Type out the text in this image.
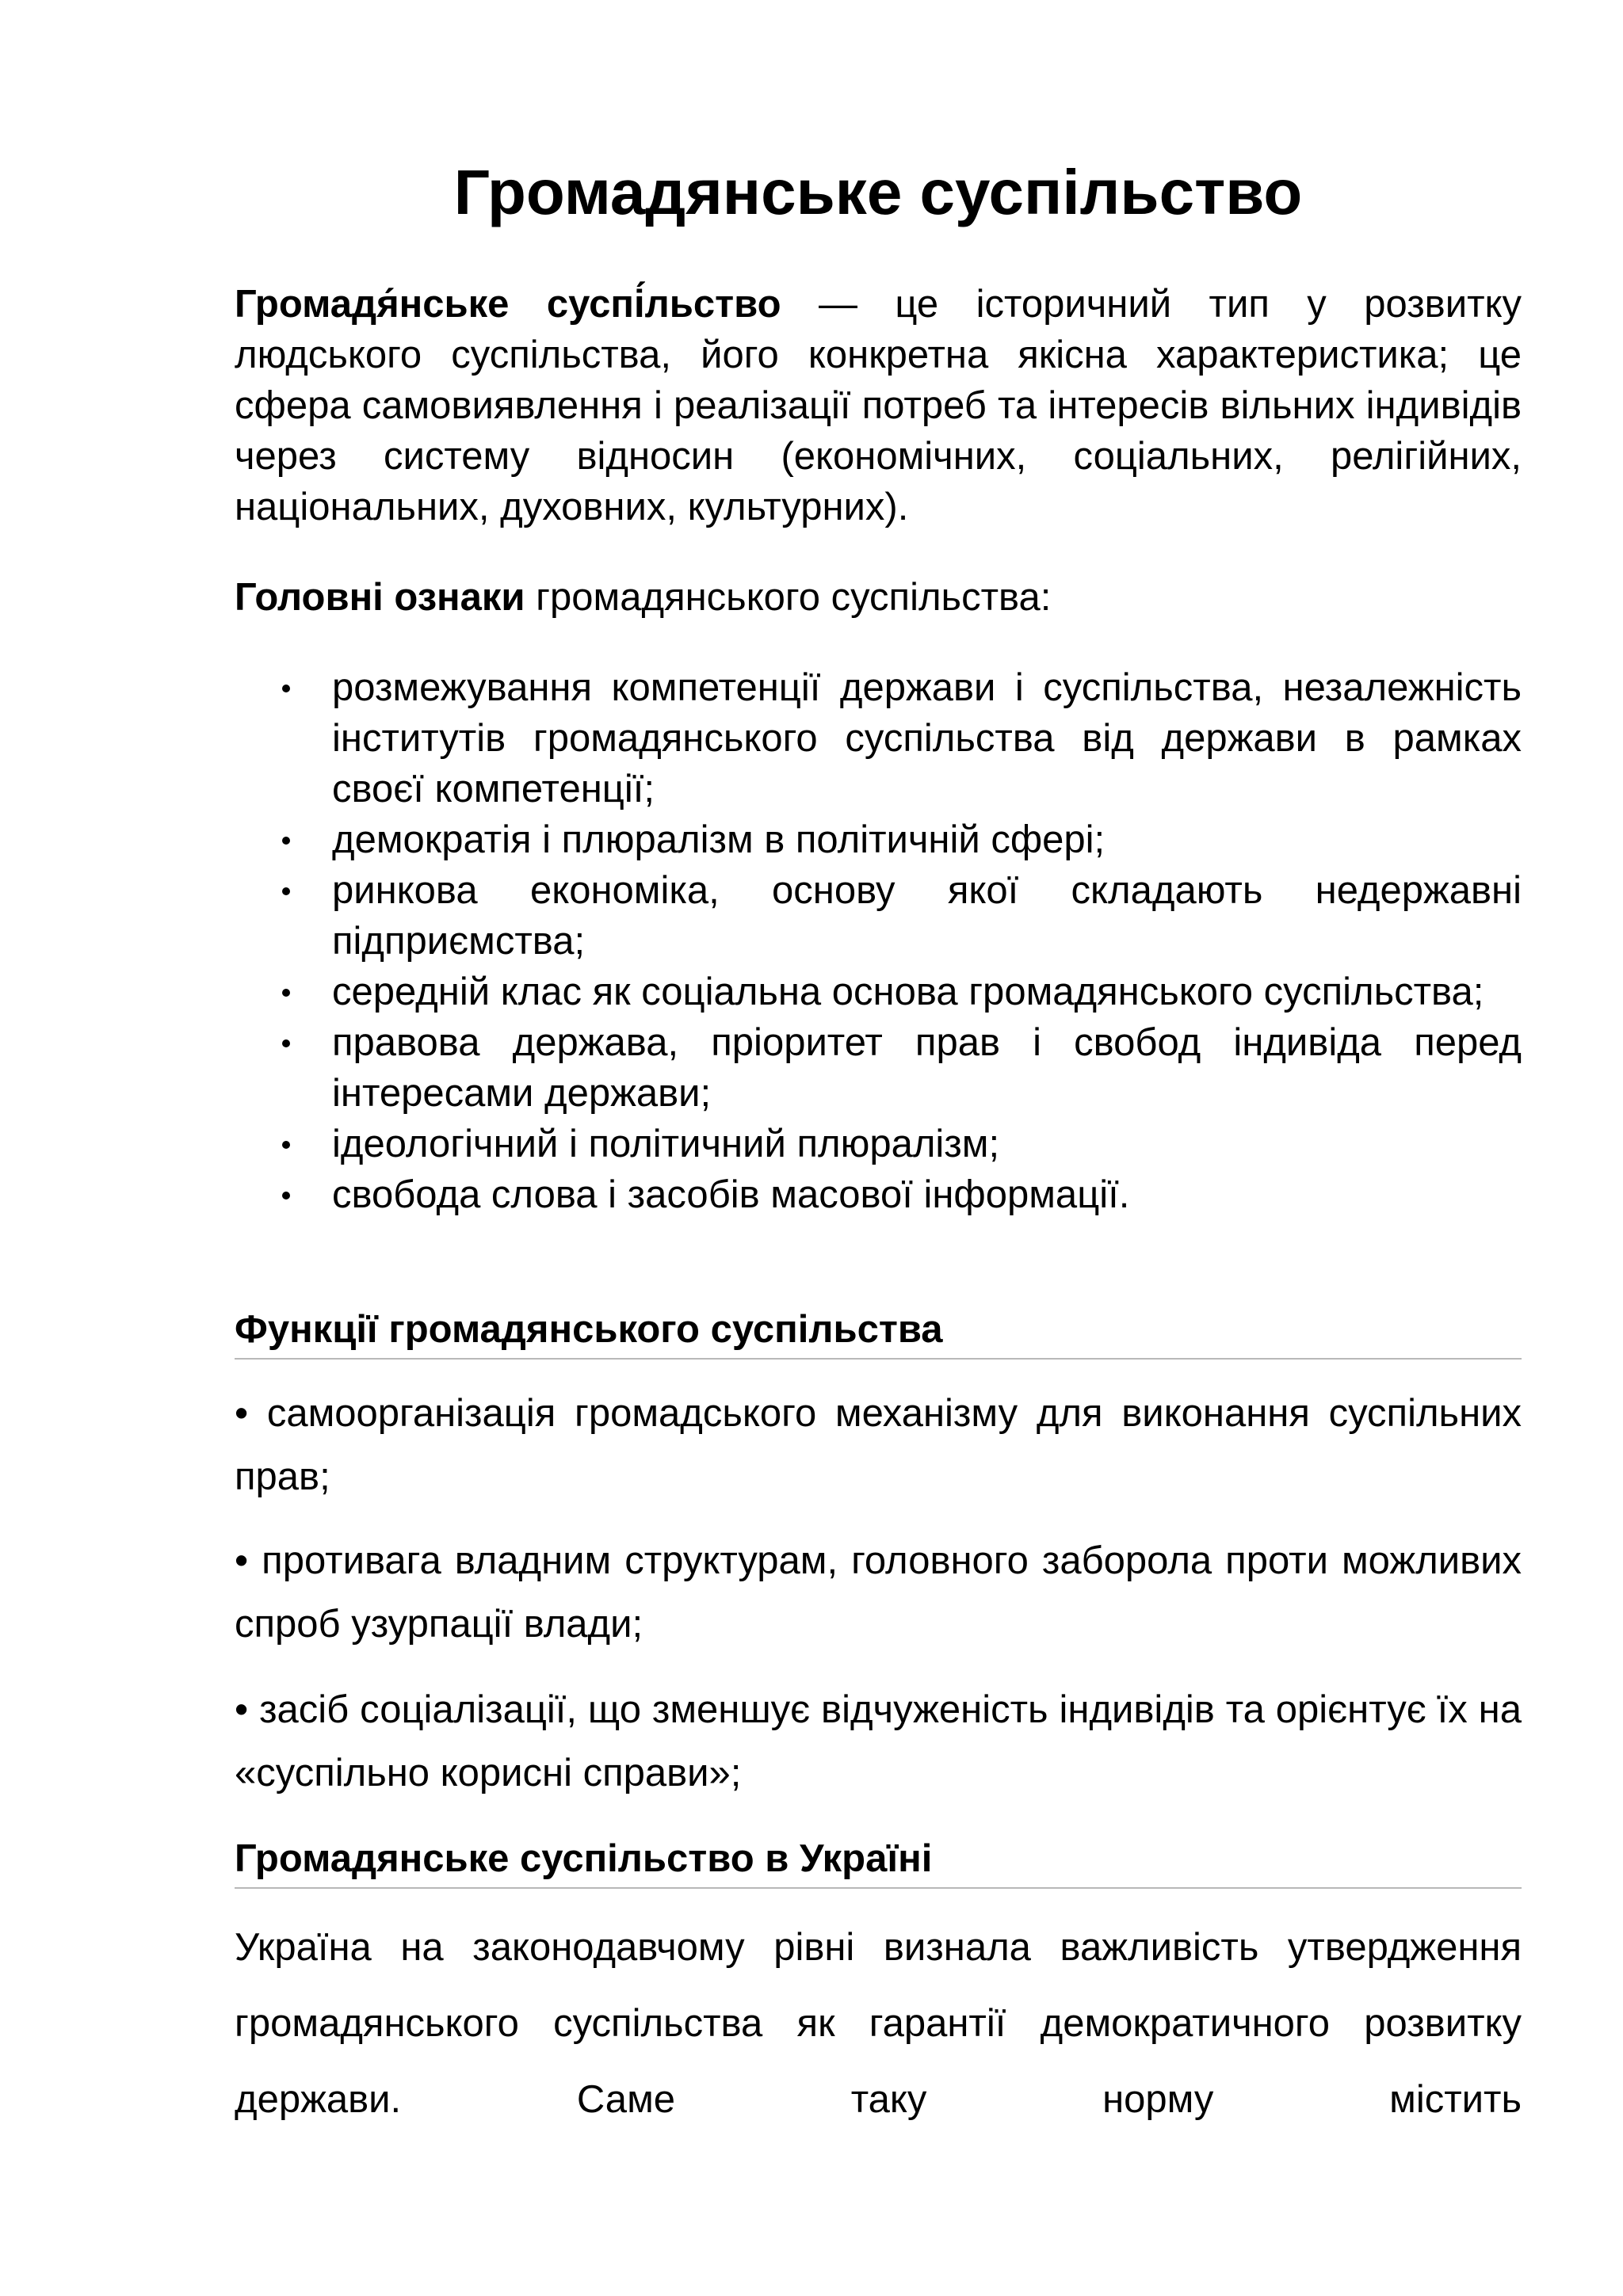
Громадянське суспільство

Громадя́нське суспі́льство — це історичний тип у розвитку людського суспільства, його конкретна якісна характеристика; це сфера самовиявлення і реалізації потреб та інтересів вільних індивідів через систему відносин (економічних, соціальних, релігійних, національних, духовних, культурних).

Головні ознаки громадянського суспільства:

розмежування компетенції держави і суспільства, незалежність інститутів громадянського суспільства від держави в рамках своєї компетенції;
демократія і плюралізм в політичній сфері;
ринкова економіка, основу якої складають недержавні підприємства;
середній клас як соціальна основа громадянського суспільства;
правова держава, пріоритет прав і свобод індивіда перед інтересами держави;
ідеологічний і політичний плюралізм;
свобода слова і засобів масової інформації.
Функції громадянського суспільства

• самоорганізація громадського механізму для виконання суспільних прав;

• противага владним структурам, головного заборола проти можливих спроб узурпації влади;

• засіб соціалізації, що зменшує відчуженість індивідів та орієнтує їх на «суспільно корисні справи»;

Громадянське суспільство в Україні

Україна на законодавчому рівні визнала важливість утвердження громадянського суспільства як гарантії демократичного розвитку держави. Саме таку норму містить
